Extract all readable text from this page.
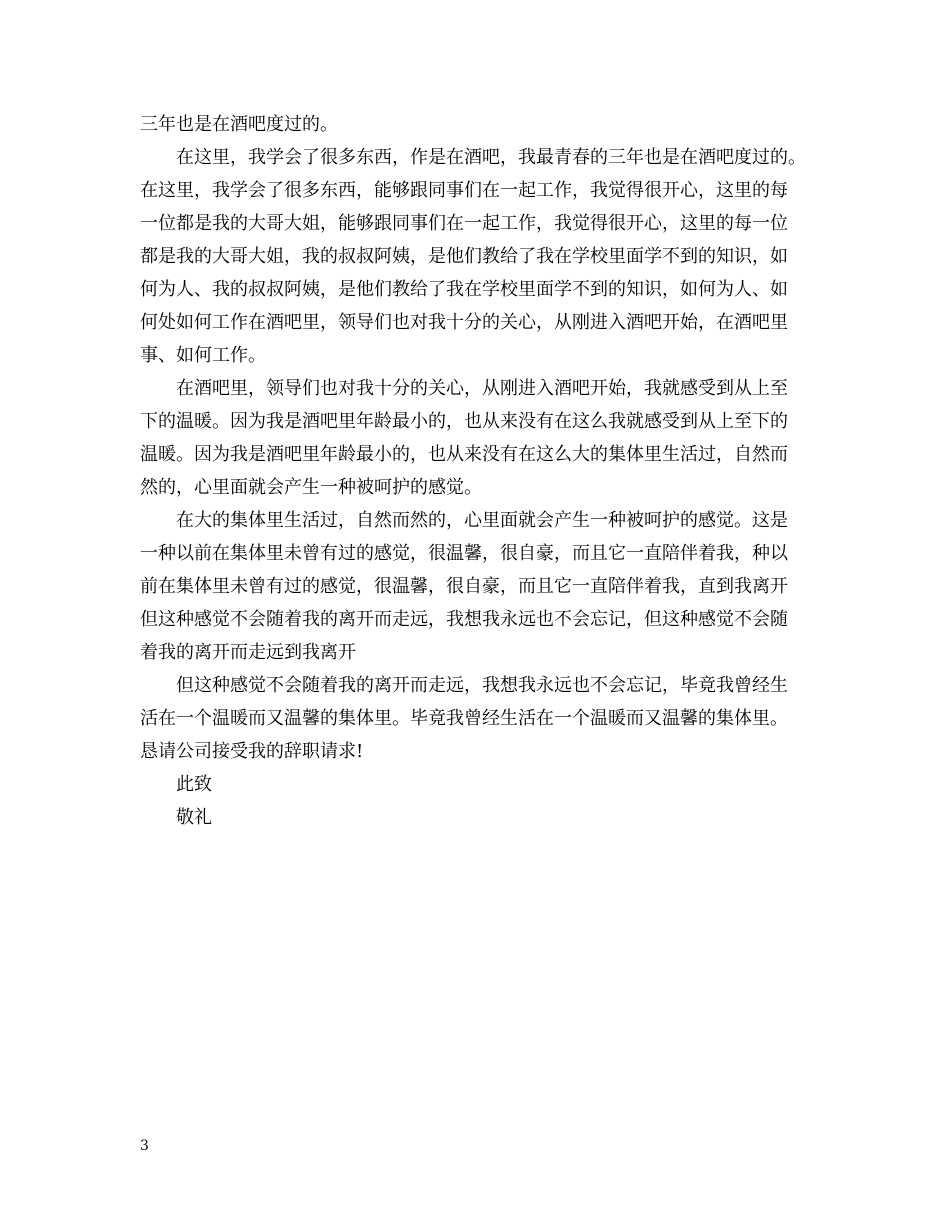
三年也是在酒吧度过的。
在这里，我学会了很多东西，作是在酒吧，我最青春的三年也是在酒吧度过的。
在这里，我学会了很多东西，能够跟同事们在一起工作，我觉得很开心，这里的每
一位都是我的大哥大姐，能够跟同事们在一起工作，我觉得很开心，这里的每一位
都是我的大哥大姐，我的叔叔阿姨，是他们教给了我在学校里面学不到的知识，如
何为人、我的叔叔阿姨，是他们教给了我在学校里面学不到的知识，如何为人、如
何处如何工作在酒吧里，领导们也对我十分的关心，从刚进入酒吧开始，在酒吧里
事、如何工作。
在酒吧里，领导们也对我十分的关心，从刚进入酒吧开始，我就感受到从上至
下的温暖。因为我是酒吧里年龄最小的，也从来没有在这么我就感受到从上至下的
温暖。因为我是酒吧里年龄最小的，也从来没有在这么大的集体里生活过，自然而
然的，心里面就会产生一种被呵护的感觉。
在大的集体里生活过，自然而然的，心里面就会产生一种被呵护的感觉。这是
一种以前在集体里未曾有过的感觉，很温馨，很自豪，而且它一直陪伴着我，种以
前在集体里未曾有过的感觉，很温馨，很自豪，而且它一直陪伴着我，直到我离开
但这种感觉不会随着我的离开而走远，我想我永远也不会忘记，但这种感觉不会随
着我的离开而走远到我离开
但这种感觉不会随着我的离开而走远，我想我永远也不会忘记，毕竟我曾经生
活在一个温暖而又温馨的集体里。毕竟我曾经生活在一个温暖而又温馨的集体里。
恳请公司接受我的辞职请求!
此致
敬礼
3
